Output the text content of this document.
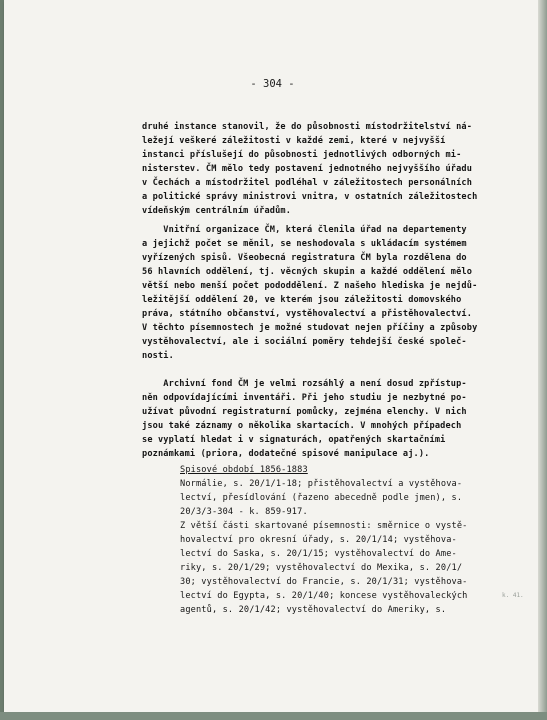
- 304 -
druhé instance stanovil, že do působnosti místodržitelství ná-
ležejí veškeré záležitosti v každé zemi, které v nejvyšší
instanci příslušejí do působnosti jednotlivých odborných mi-
nisterstev. ČM mělo tedy postavení jednotného nejvyššího úřadu
v Čechách a místodržitel podléhal v záležitostech personálních
a politické správy ministrovi vnitra, v ostatních záležitostech
vídeňským centrálním úřadům.
Vnitřní organizace ČM, která členila úřad na departementy
a jejichž počet se měnil, se neshodovala s ukládacím systémem
vyřízených spisů. Všeobecná registratura ČM byla rozdělena do
56 hlavních oddělení, tj. věcných skupin a každé oddělení mělo
větší nebo menší počet pododdělení. Z našeho hlediska je nejdů-
ležitější oddělení 20, ve kterém jsou záležitosti domovského
práva, státního občanství, vystěhovalectví a přistěhovalectví.
V těchto písemnostech je možné studovat nejen příčiny a způsoby
vystěhovalectví, ale i sociální poměry tehdejší české společ-
nosti.
Archivní fond ČM je velmi rozsáhlý a není dosud zpřístup-
něn odpovídajícími inventáři. Při jeho studiu je nezbytné po-
užívat původní registraturní pomůcky, zejména elenchy. V nich
jsou také záznamy o několika skartacích. V mnohých případech
se vyplatí hledat i v signaturách, opatřených skartačními
poznámkami (priora, dodatečné spisové manipulace aj.).
Spisové období 1856-1883
Normálie, s. 20/1/1-18; přistěhovalectví a vystěhova-
lectví, přesídlování (řazeno abecedně podle jmen), s.
20/3/3-304 - k. 859-917.
Z větší části skartované písemnosti: směrnice o vystě-
hovalectví pro okresní úřady, s. 20/1/14; vystěhova-
lectví do Saska, s. 20/1/15; vystěhovalectví do Ame-
riky, s. 20/1/29; vystěhovalectví do Mexika, s. 20/1/
30; vystěhovalectví do Francie, s. 20/1/31; vystěhova-
lectví do Egypta, s. 20/1/40; koncese vystěhovaleckých
agentů, s. 20/1/42; vystěhovalectví do Ameriky, s.
k. 41.
